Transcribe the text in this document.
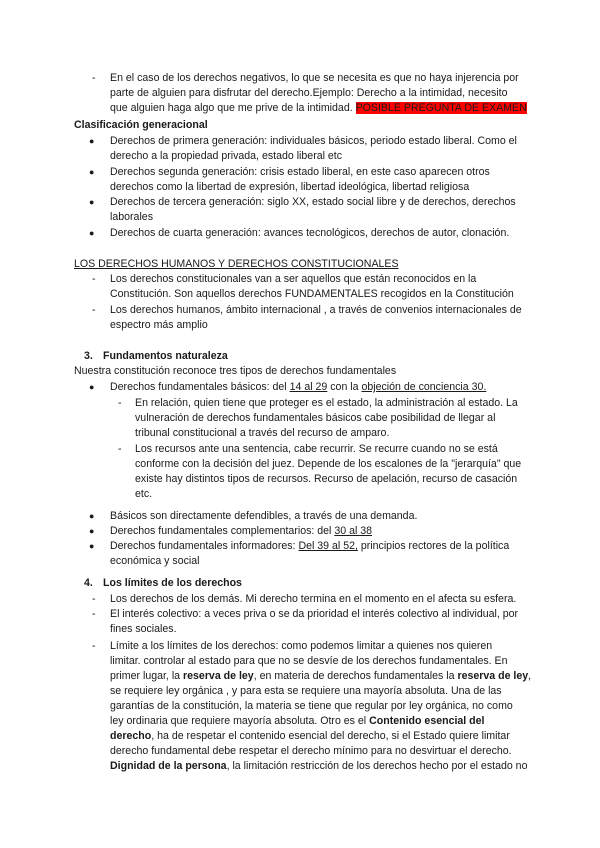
- En el caso de los derechos negativos, lo que se necesita es que no haya injerencia por
parte de alguien para disfrutar del derecho.Ejemplo: Derecho a la intimidad, necesito
que alguien haga algo que me prive de la intimidad. POSIBLE PREGUNTA DE EXAMEN
Clasificación generacional
● Derechos de primera generación: individuales básicos, periodo estado liberal. Como el
derecho a la propiedad privada, estado liberal etc
● Derechos segunda generación: crisis estado liberal, en este caso aparecen otros
derechos como la libertad de expresión, libertad ideológica, libertad religiosa
● Derechos de tercera generación: siglo XX, estado social libre y de derechos, derechos
laborales
● Derechos de cuarta generación: avances tecnológicos, derechos de autor, clonación.
LOS DERECHOS HUMANOS Y DERECHOS CONSTITUCIONALES
- Los derechos constitucionales van a ser aquellos que están reconocidos en la
Constitución. Son aquellos derechos FUNDAMENTALES recogidos en la Constitución
- Los derechos humanos, ámbito internacional , a través de convenios internacionales de
espectro más amplio
3. Fundamentos naturaleza
Nuestra constitución reconoce tres tipos de derechos fundamentales
● Derechos fundamentales básicos: del 14 al 29 con la objeción de conciencia 30.
- En relación, quien tiene que proteger es el estado, la administración al estado. La
vulneración de derechos fundamentales básicos cabe posibilidad de llegar al
tribunal constitucional a través del recurso de amparo.
- Los recursos ante una sentencia, cabe recurrir. Se recurre cuando no se está
conforme con la decisión del juez. Depende de los escalones de la "jerarquía" que
existe hay distintos tipos de recursos. Recurso de apelación, recurso de casación
etc.
● Básicos son directamente defendibles, a través de una demanda.
● Derechos fundamentales complementarios: del 30 al 38
● Derechos fundamentales informadores: Del 39 al 52, principios rectores de la política
económica y social
4. Los límites de los derechos
- Los derechos de los demás. Mi derecho termina en el momento en el afecta su esfera.
- El interés colectivo: a veces priva o se da prioridad el interés colectivo al individual, por
fines sociales.
- Límite a los límites de los derechos: como podemos limitar a quienes nos quieren
limitar. controlar al estado para que no se desvíe de los derechos fundamentales. En
primer lugar, la reserva de ley, en materia de derechos fundamentales la reserva de ley,
se requiere ley orgánica , y para esta se requiere una mayoría absoluta. Una de las
garantías de la constitución, la materia se tiene que regular por ley orgánica, no como
ley ordinaria que requiere mayoría absoluta. Otro es el Contenido esencial del
derecho, ha de respetar el contenido esencial del derecho, si el Estado quiere limitar
derecho fundamental debe respetar el derecho mínimo para no desvirtuar el derecho.
Dignidad de la persona, la limitación restricción de los derechos hecho por el estado no
